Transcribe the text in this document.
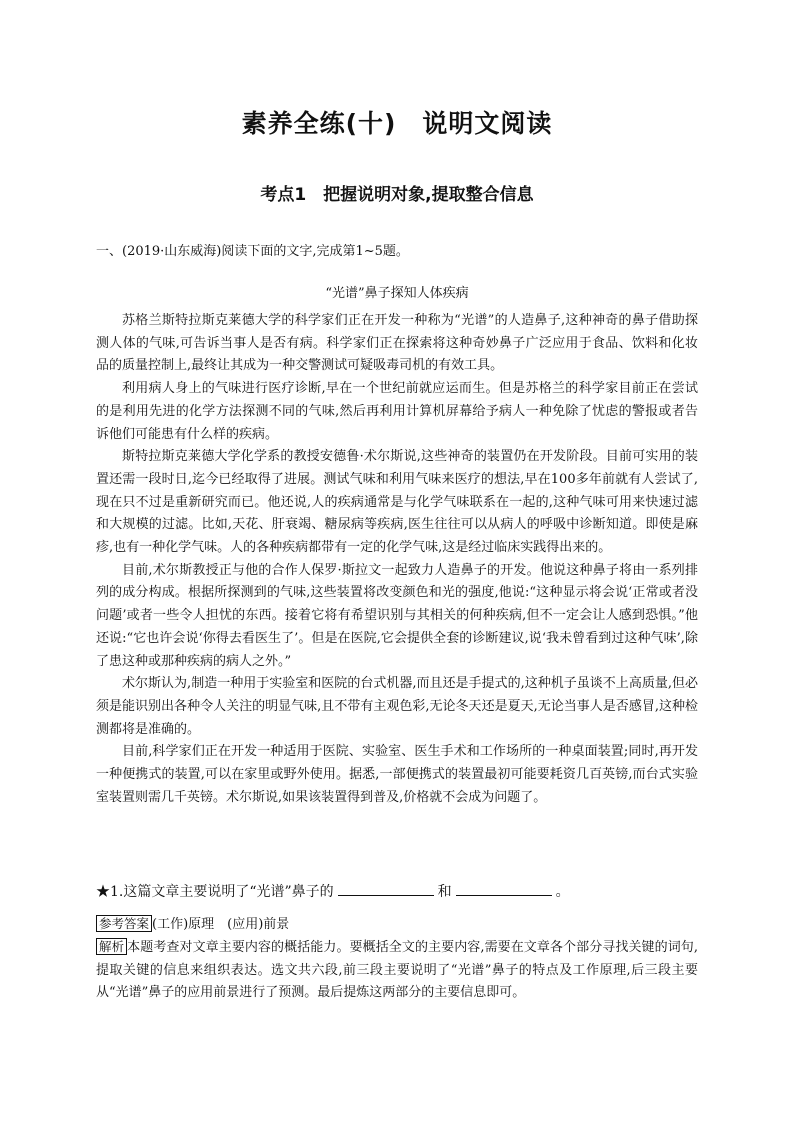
素养全练(十)　说明文阅读
考点1　把握说明对象,提取整合信息
一、(2019·山东威海)阅读下面的文字,完成第1~5题。
“光谱”鼻子探知人体疾病

苏格兰斯特拉斯克莱德大学的科学家们正在开发一种称为“光谱”的人造鼻子,这种神奇的鼻子借助探测人体的气味,可告诉当事人是否有病。科学家们正在探索将这种奇妙鼻子广泛应用于食品、饮料和化妆品的质量控制上,最终让其成为一种交警测试可疑吸毒司机的有效工具。

利用病人身上的气味进行医疗诊断,早在一个世纪前就应运而生。但是苏格兰的科学家目前正在尝试的是利用先进的化学方法探测不同的气味,然后再利用计算机屏幕给予病人一种免除了忧虑的警报或者告诉他们可能患有什么样的疾病。

斯特拉斯克莱德大学化学系的教授安德鲁·术尔斯说,这些神奇的装置仍在开发阶段。目前可实用的装置还需一段时日,迄今已经取得了进展。测试气味和利用气味来医疗的想法,早在100多年前就有人尝试了,现在只不过是重新研究而已。他还说,人的疾病通常是与化学气味联系在一起的,这种气味可用来快速过滤和大规模的过滤。比如,天花、肝衰竭、糖尿病等疾病,医生往往可以从病人的呼吸中诊断知道。即使是麻疹,也有一种化学气味。人的各种疾病都带有一定的化学气味,这是经过临床实践得出来的。

目前,术尔斯教授正与他的合作人保罗·斯拉文一起致力人造鼻子的开发。他说这种鼻子将由一系列排列的成分构成。根据所探测到的气味,这些装置将改变颜色和光的强度,他说:“这种显示将会说‘正常或者没问题’或者一些令人担忧的东西。接着它将有希望识别与其相关的何种疾病,但不一定会让人感到恐惧。”他还说:“它也许会说‘你得去看医生了’。但是在医院,它会提供全套的诊断建议,说‘我未曾看到过这种气味’,除了患这种或那种疾病的病人之外。”

术尔斯认为,制造一种用于实验室和医院的台式机器,而且还是手提式的,这种机子虽谈不上高质量,但必须是能识别出各种令人关注的明显气味,且不带有主观色彩,无论冬天还是夏天,无论当事人是否感冒,这种检测都将是准确的。

目前,科学家们正在开发一种适用于医院、实验室、医生手术和工作场所的一种桌面装置;同时,再开发一种便携式的装置,可以在家里或野外使用。据悉,一部便携式的装置最初可能要耗资几百英镑,而台式实验室装置则需几千英镑。术尔斯说,如果该装置得到普及,价格就不会成为问题了。

★1.这篇文章主要说明了“光谱”鼻子的	和	。
参考答案 (工作)原理　(应用)前景
解析 本题考查对文章主要内容的概括能力。要概括全文的主要内容,需要在文章各个部分寻找关键的词句,提取关键的信息来组织表达。选文共六段,前三段主要说明了“光谱”鼻子的特点及工作原理,后三段主要从“光谱”鼻子的应用前景进行了预测。最后提炼这两部分的主要信息即可。
